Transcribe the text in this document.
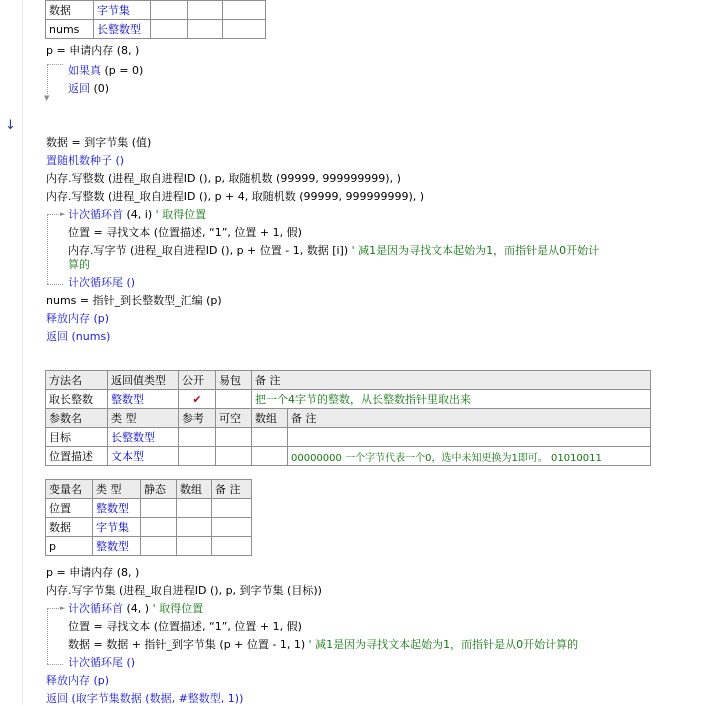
↓
数据	字节集			
nums	长整数型			
p = 申请内存 (8, )
▼
如果真 (p = 0)
返回 (0)
数据 = 到字节集 (值)
置随机数种子 ()
内存.写整数 (进程_取自进程ID (), p, 取随机数 (99999, 999999999), )
内存.写整数 (进程_取自进程ID (), p + 4, 取随机数 (99999, 999999999), )
► 计次循环首 (4, i) ' 取得位置
位置 = 寻找文本 (位置描述, “1”, 位置 + 1, 假)
内存.写字节 (进程_取自进程ID (), p + 位置 - 1, 数据 [i]) ' 减1是因为寻找文本起始为1，而指针是从0开始计
算的
计次循环尾 ()
nums = 指针_到长整数型_汇编 (p)
释放内存 (p)
返回 (nums)
方法名	返回值类型	公开	易包	备 注	
取长整数	整数型	✔		把一个4字节的整数，从长整数指针里取出来	
参数名	类 型	参考	可空	数组	备 注
目标	长整数型				
位置描述	文本型				00000000 一个字节代表一个0，选中未知更换为1即可。 01010011
变量名	类 型	静态	数组	备 注
位置	整数型			
数据	字节集			
p	整数型			
p = 申请内存 (8, )
内存.写字节集 (进程_取自进程ID (), p, 到字节集 (目标))
► 计次循环首 (4, ) ' 取得位置
位置 = 寻找文本 (位置描述, “1”, 位置 + 1, 假)
数据 = 数据 + 指针_到字节集 (p + 位置 - 1, 1) ' 减1是因为寻找文本起始为1，而指针是从0开始计算的
计次循环尾 ()
释放内存 (p)
返回 (取字节集数据 (数据, #整数型, 1))
